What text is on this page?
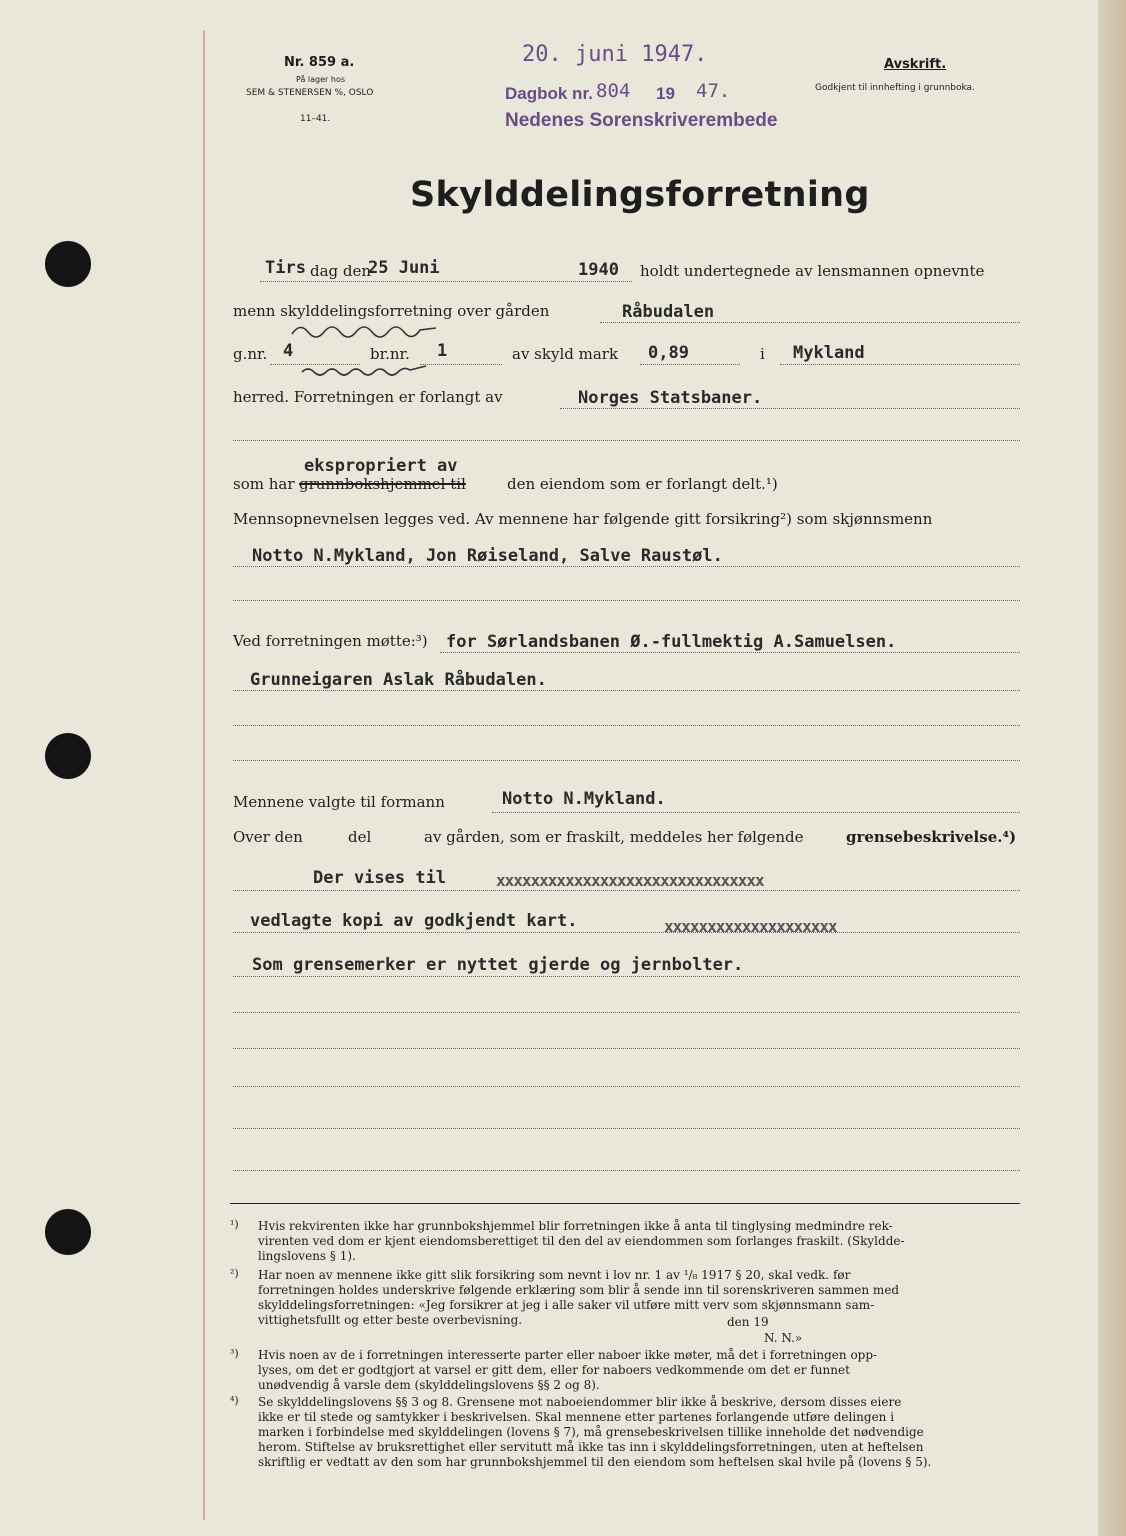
Nr. 859 a.
På lager hos
SEM & STENERSEN %, OSLO
11–41.
20. juni 1947.
Dagbok nr. 804 19 47.
Nedenes Sorenskriverembede
Avskrift.
Godkjent til innhefting i grunnboka.
Skylddelingsforretning
Tirs dag den
25 Juni	1940 holdt undertegnede av lensmannen opnevnte
menn skylddelingsforretning over gården	Råbudalen
g.nr. 4	br.nr. 1	av skyld mark 0,89	i Mykland
herred. Forretningen er forlangt av	Norges Statsbaner.
ekspropriert av
som har grunnbokshjemmel til	den eiendom som er forlangt delt.¹)
Mennsopnevnelsen legges ved. Av mennene har følgende gitt forsikring²) som skjønnsmenn
Notto N.Mykland, Jon Røiseland, Salve Raustøl.
Ved forretningen møtte:³) for Sørlandsbanen Ø.-fullmektig A.Samuelsen.
Grunneigaren Aslak Råbudalen.
Mennene valgte til formann	Notto N.Mykland.
Over den	del	av gården, som er fraskilt, meddeles her følgende	grensebeskrivelse.⁴)
Der vises til	xxxxxxxxxxxxxxxxxxxxxxxxxxxxxxx
vedlagte kopi av godkjendt kart.	xxxxxxxxxxxxxxxxxxxx
Som grensemerker er nyttet gjerde og jernbolter.
¹) Hvis rekvirenten ikke har grunnbokshjemmel blir forretningen ikke å anta til tinglysing medmindre rek-
virenten ved dom er kjent eiendomsberettiget til den del av eiendommen som forlanges fraskilt. (Skyldde-
lingslovens § 1).
²) Har noen av mennene ikke gitt slik forsikring som nevnt i lov nr. 1 av ¹/₈ 1917 § 20, skal vedk. før
forretningen holdes underskrive følgende erklæring som blir å sende inn til sorenskriveren sammen med
skylddelingsforretningen: «Jeg forsikrer at jeg i alle saker vil utføre mitt verv som skjønnsmann sam-
vittighetsfullt og etter beste overbevisning.	den 19
N. N.»
³) Hvis noen av de i forretningen interesserte parter eller naboer ikke møter, må det i forretningen opp-
lyses, om det er godtgjort at varsel er gitt dem, eller for naboers vedkommende om det er funnet
unødvendig å varsle dem (skylddelingslovens §§ 2 og 8).
⁴) Se skylddelingslovens §§ 3 og 8. Grensene mot naboeiendommer blir ikke å beskrive, dersom disses eiere
ikke er til stede og samtykker i beskrivelsen. Skal mennene etter partenes forlangende utføre delingen i
marken i forbindelse med skylddelingen (lovens § 7), må grensebeskrivelsen tillike inneholde det nødvendige
herom. Stiftelse av bruksrettighet eller servitutt må ikke tas inn i skylddelingsforretningen, uten at heftelsen
skriftlig er vedtatt av den som har grunnbokshjemmel til den eiendom som heftelsen skal hvile på (lovens § 5).
